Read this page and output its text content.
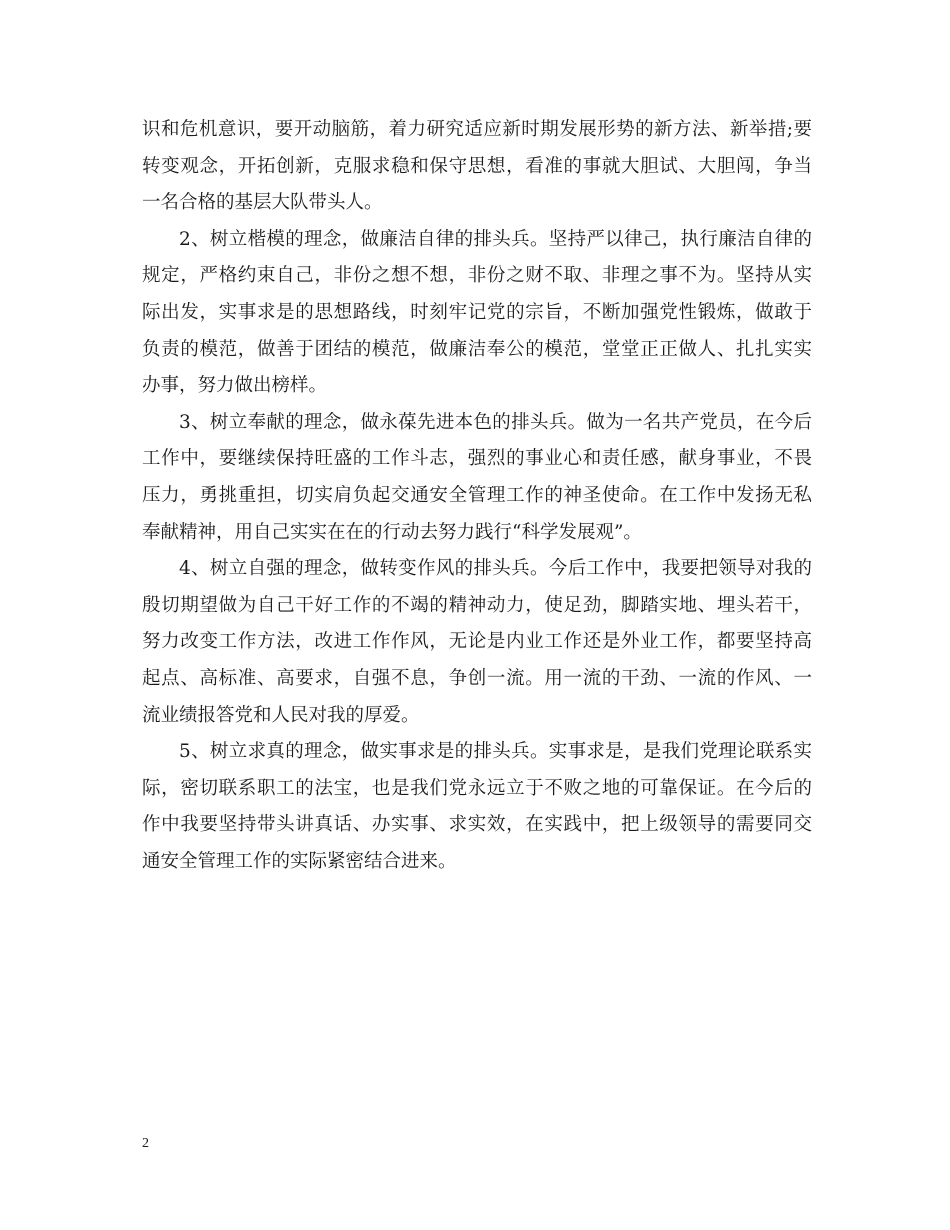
识和危机意识，要开动脑筋，着力研究适应新时期发展形势的新方法、新举措;要
转变观念，开拓创新，克服求稳和保守思想，看准的事就大胆试、大胆闯，争当
一名合格的基层大队带头人。
2、树立楷模的理念，做廉洁自律的排头兵。坚持严以律己，执行廉洁自律的
规定，严格约束自己，非份之想不想，非份之财不取、非理之事不为。坚持从实
际出发，实事求是的思想路线，时刻牢记党的宗旨，不断加强党性锻炼，做敢于
负责的模范，做善于团结的模范，做廉洁奉公的模范，堂堂正正做人、扎扎实实
办事，努力做出榜样。
3、树立奉献的理念，做永葆先进本色的排头兵。做为一名共产党员，在今后
工作中，要继续保持旺盛的工作斗志，强烈的事业心和责任感，献身事业，不畏
压力，勇挑重担，切实肩负起交通安全管理工作的神圣使命。在工作中发扬无私
奉献精神，用自己实实在在的行动去努力践行“科学发展观”。
4、树立自强的理念，做转变作风的排头兵。今后工作中，我要把领导对我的
殷切期望做为自己干好工作的不竭的精神动力，使足劲，脚踏实地、埋头若干，
努力改变工作方法，改进工作作风，无论是内业工作还是外业工作，都要坚持高
起点、高标准、高要求，自强不息，争创一流。用一流的干劲、一流的作风、一
流业绩报答党和人民对我的厚爱。
5、树立求真的理念，做实事求是的排头兵。实事求是，是我们党理论联系实
际，密切联系职工的法宝，也是我们党永远立于不败之地的可靠保证。在今后的
作中我要坚持带头讲真话、办实事、求实效，在实践中，把上级领导的需要同交
通安全管理工作的实际紧密结合进来。
2
